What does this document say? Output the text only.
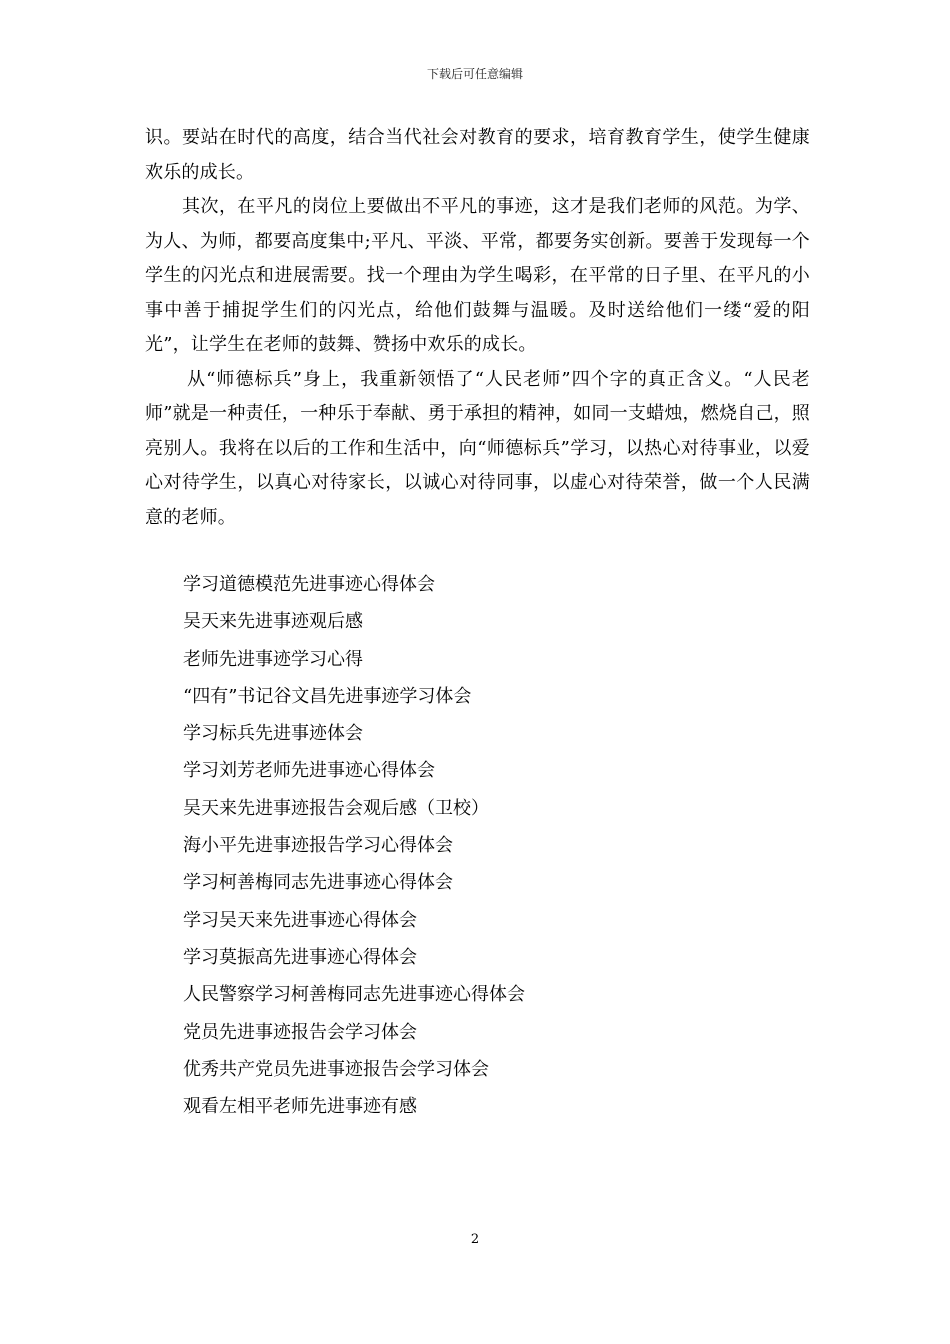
下载后可任意编辑

识。要站在时代的高度，结合当代社会对教育的要求，培育教育学生，使学生健康欢乐的成长。

其次，在平凡的岗位上要做出不平凡的事迹，这才是我们老师的风范。为学、为人、为师，都要高度集中;平凡、平淡、平常，都要务实创新。要善于发现每一个学生的闪光点和进展需要。找一个理由为学生喝彩，在平常的日子里、在平凡的小事中善于捕捉学生们的闪光点，给他们鼓舞与温暖。及时送给他们一缕“爱的阳光”，让学生在老师的鼓舞、赞扬中欢乐的成长。

从“师德标兵”身上，我重新领悟了“人民老师”四个字的真正含义。“人民老师”就是一种责任，一种乐于奉献、勇于承担的精神，如同一支蜡烛，燃烧自己，照亮别人。我将在以后的工作和生活中，向“师德标兵”学习，以热心对待事业，以爱心对待学生，以真心对待家长，以诚心对待同事，以虚心对待荣誉，做一个人民满意的老师。

学习道德模范先进事迹心得体会
吴天来先进事迹观后感
老师先进事迹学习心得
“四有”书记谷文昌先进事迹学习体会
学习标兵先进事迹体会
学习刘芳老师先进事迹心得体会
吴天来先进事迹报告会观后感（卫校）
海小平先进事迹报告学习心得体会
学习柯善梅同志先进事迹心得体会
学习吴天来先进事迹心得体会
学习莫振高先进事迹心得体会
人民警察学习柯善梅同志先进事迹心得体会
党员先进事迹报告会学习体会
优秀共产党员先进事迹报告会学习体会
观看左相平老师先进事迹有感
2
